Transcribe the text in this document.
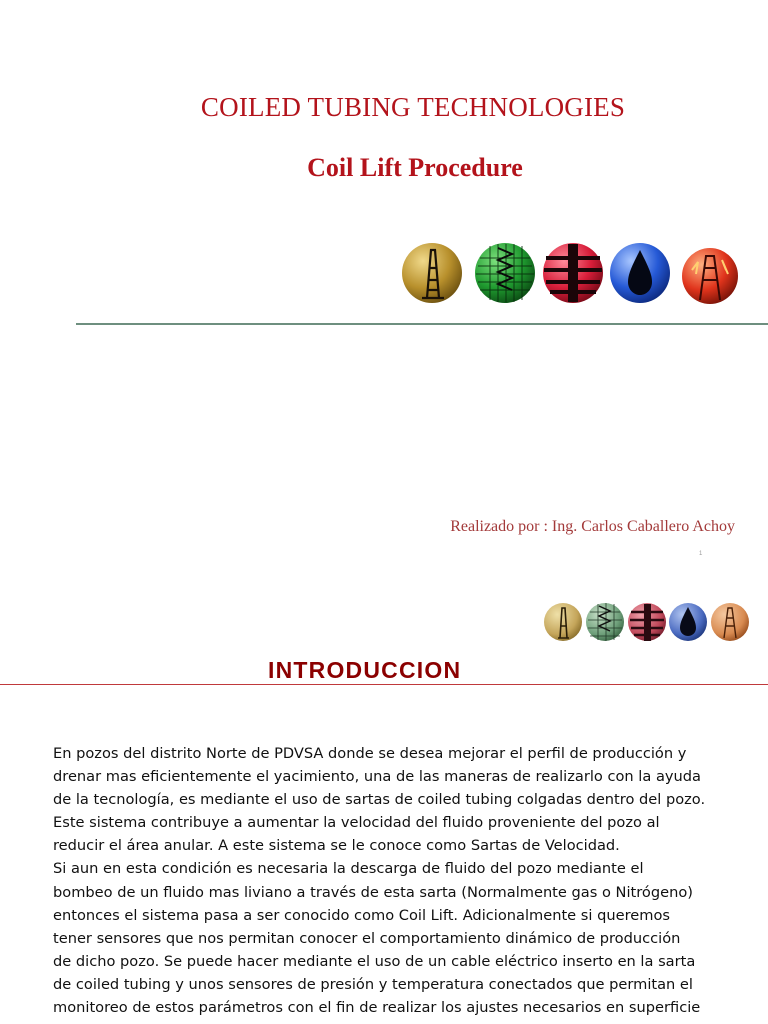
COILED TUBING TECHNOLOGIES
Coil Lift Procedure
Realizado por : Ing. Carlos Caballero Achoy
1
INTRODUCCION
En pozos del distrito Norte de PDVSA donde se desea mejorar el perfil de producción y
drenar mas eficientemente el yacimiento, una de las maneras de realizarlo con la ayuda
de la tecnología, es mediante el uso de sartas de coiled tubing colgadas dentro del pozo.
Este sistema contribuye a aumentar la velocidad del fluido proveniente del pozo al
reducir el área anular. A este sistema se le conoce como Sartas de Velocidad.
Si aun en esta condición es necesaria la descarga de fluido del pozo mediante el
bombeo de un fluido mas liviano a través de esta sarta (Normalmente gas o Nitrógeno)
entonces el sistema pasa a ser conocido como Coil Lift. Adicionalmente si queremos
tener sensores que nos permitan conocer el comportamiento dinámico de producción
de dicho pozo. Se puede hacer mediante el uso de un cable eléctrico inserto en la sarta
de coiled tubing y unos sensores de presión y temperatura conectados que permitan el
monitoreo de estos parámetros con el fin de realizar los ajustes necesarios en superficie
